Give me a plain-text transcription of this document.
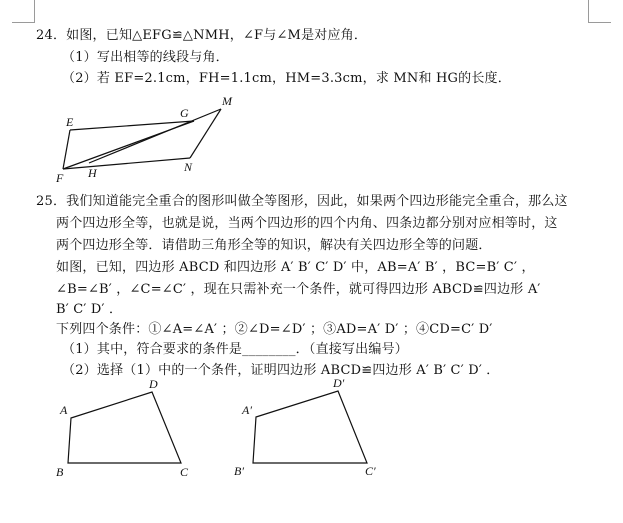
24．如图，已知△EFG≌△NMH，∠F与∠M是对应角．
（1）写出相等的线段与角．
（2）若 EF=2.1cm，FH=1.1cm，HM=3.3cm，求 MN和 HG的长度．
E
G
M
F H	N
25．我们知道能完全重合的图形叫做全等图形，因此，如果两个四边形能完全重合，那么这
两个四边形全等，也就是说，当两个四边形的四个内角、四条边都分别对应相等时，这
两个四边形全等．请借助三角形全等的知识，解决有关四边形全等的问题．
如图，已知，四边形 ABCD 和四边形 A′ B′ C′ D′ 中，AB=A′ B′ ，BC=B′ C′ ，
∠B=∠B′ ，∠C=∠C′ ，现在只需补充一个条件，就可得四边形 ABCD≌四边形 A′
B′ C′ D′ ．
下列四个条件：①∠A=∠A′ ；②∠D=∠D′ ；③AD=A′ D′ ；④CD=C′ D′
（1）其中，符合要求的条件是________．（直接写出编号）
（2）选择（1）中的一个条件，证明四边形 ABCD≌四边形 A′ B′ C′ D′ ．
A
D
B	C
A′
D′
B′	C′
